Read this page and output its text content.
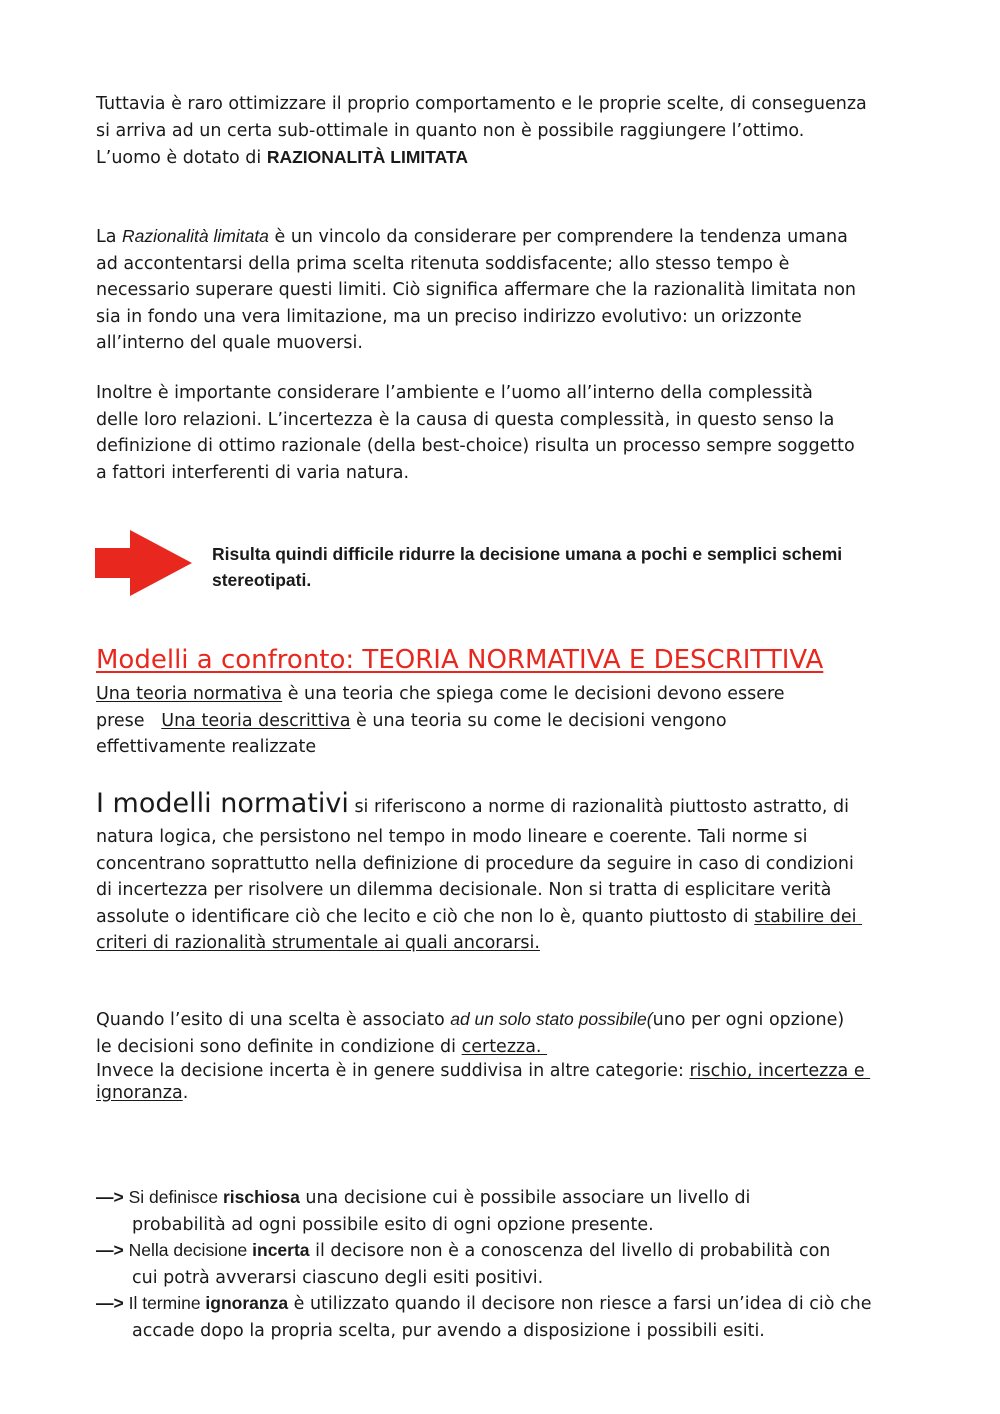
Tuttavia è raro ottimizzare il proprio comportamento e le proprie scelte, di conseguenza
si arriva ad un certa sub-ottimale in quanto non è possibile raggiungere l’ottimo.
L’uomo è dotato di RAZIONALITÀ LIMITATA
La Razionalità limitata è un vincolo da considerare per comprendere la tendenza umana
ad accontentarsi della prima scelta ritenuta soddisfacente; allo stesso tempo è
necessario superare questi limiti. Ciò significa affermare che la razionalità limitata non
sia in fondo una vera limitazione, ma un preciso indirizzo evolutivo: un orizzonte
all’interno del quale muoversi.
Inoltre è importante considerare l’ambiente e l’uomo all’interno della complessità
delle loro relazioni. L’incertezza è la causa di questa complessità, in questo senso la
definizione di ottimo razionale (della best-choice) risulta un processo sempre soggetto
a fattori interferenti di varia natura.
Risulta quindi difficile ridurre la decisione umana a pochi e semplici schemi
stereotipati.
Modelli a confronto: TEORIA NORMATIVA E DESCRITTIVA
Una teoria normativa è una teoria che spiega come le decisioni devono essere
prese   Una teoria descrittiva è una teoria su come le decisioni vengono
effettivamente realizzate
I modelli normativi si riferiscono a norme di razionalità piuttosto astratto, di
natura logica, che persistono nel tempo in modo lineare e coerente. Tali norme si
concentrano soprattutto nella definizione di procedure da seguire in caso di condizioni
di incertezza per risolvere un dilemma decisionale. Non si tratta di esplicitare verità
assolute o identificare ciò che lecito e ciò che non lo è, quanto piuttosto di stabilire dei
criteri di razionalità strumentale ai quali ancorarsi.
Quando l’esito di una scelta è associato ad un solo stato possibile(uno per ogni opzione)
le decisioni sono definite in condizione di certezza.
Invece la decisione incerta è in genere suddivisa in altre categorie: rischio, incertezza e
ignoranza.
—> Si definisce rischiosa una decisione cui è possibile associare un livello di
probabilità ad ogni possibile esito di ogni opzione presente.
—> Nella decisione incerta il decisore non è a conoscenza del livello di probabilità con
cui potrà avverarsi ciascuno degli esiti positivi.
—> Il termine ignoranza è utilizzato quando il decisore non riesce a farsi un’idea di ciò che
accade dopo la propria scelta, pur avendo a disposizione i possibili esiti.
